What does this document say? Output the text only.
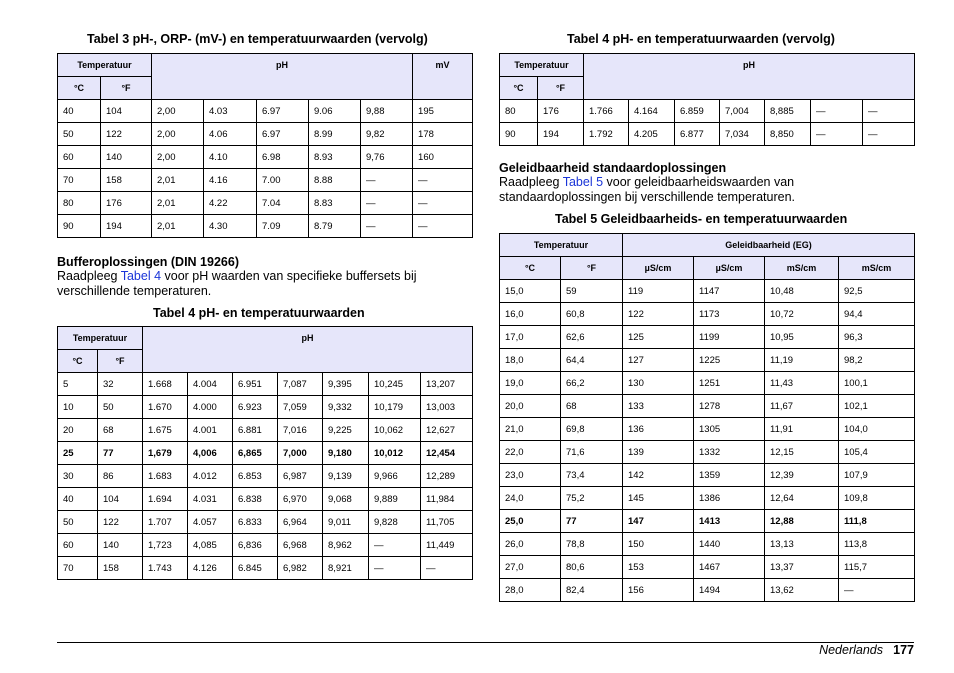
Tabel 3 pH-, ORP- (mV-) en temperatuurwaarden (vervolg)
Temperatuur		pH					mV
°C	°F						
40	104	2,00	4.03	6.97	9.06	9,88	195
50	122	2,00	4.06	6.97	8.99	9,82	178
60	140	2,00	4.10	6.98	8.93	9,76	160
70	158	2,01	4.16	7.00	8.88	—	—
80	176	2,01	4.22	7.04	8.83	—	—
90	194	2,01	4.30	7.09	8.79	—	—
Bufferoplossingen (DIN 19266)
Raadpleeg Tabel 4 voor pH waarden van specifieke buffersets bij verschillende temperaturen.
Tabel 4 pH- en temperatuurwaarden
Temperatuur		pH						
°C	°F							
5	32	1.668	4.004	6.951	7,087	9,395	10,245	13,207
10	50	1.670	4.000	6.923	7,059	9,332	10,179	13,003
20	68	1.675	4.001	6.881	7,016	9,225	10,062	12,627
25	77	1,679	4,006	6,865	7,000	9,180	10,012	12,454
30	86	1.683	4.012	6.853	6,987	9,139	9,966	12,289
40	104	1.694	4.031	6.838	6,970	9,068	9,889	11,984
50	122	1.707	4.057	6.833	6,964	9,011	9,828	11,705
60	140	1,723	4,085	6,836	6,968	8,962	—	11,449
70	158	1.743	4.126	6.845	6,982	8,921	—	—
Tabel 4 pH- en temperatuurwaarden (vervolg)
Temperatuur		pH						
°C	°F							
80	176	1.766	4.164	6.859	7,004	8,885	—	—
90	194	1.792	4.205	6.877	7,034	8,850	—	—
Geleidbaarheid standaardoplossingen
Raadpleeg Tabel 5 voor geleidbaarheidswaarden van standaardoplossingen bij verschillende temperaturen.
Tabel 5 Geleidbaarheids- en temperatuurwaarden
Temperatuur		Geleidbaarheid (EG)			
°C	°F	µS/cm	µS/cm	mS/cm	mS/cm
15,0	59	119	1147	10,48	92,5
16,0	60,8	122	1173	10,72	94,4
17,0	62,6	125	1199	10,95	96,3
18,0	64,4	127	1225	11,19	98,2
19,0	66,2	130	1251	11,43	100,1
20,0	68	133	1278	11,67	102,1
21,0	69,8	136	1305	11,91	104,0
22,0	71,6	139	1332	12,15	105,4
23,0	73,4	142	1359	12,39	107,9
24,0	75,2	145	1386	12,64	109,8
25,0	77	147	1413	12,88	111,8
26,0	78,8	150	1440	13,13	113,8
27,0	80,6	153	1467	13,37	115,7
28,0	82,4	156	1494	13,62	—
Nederlands 177
